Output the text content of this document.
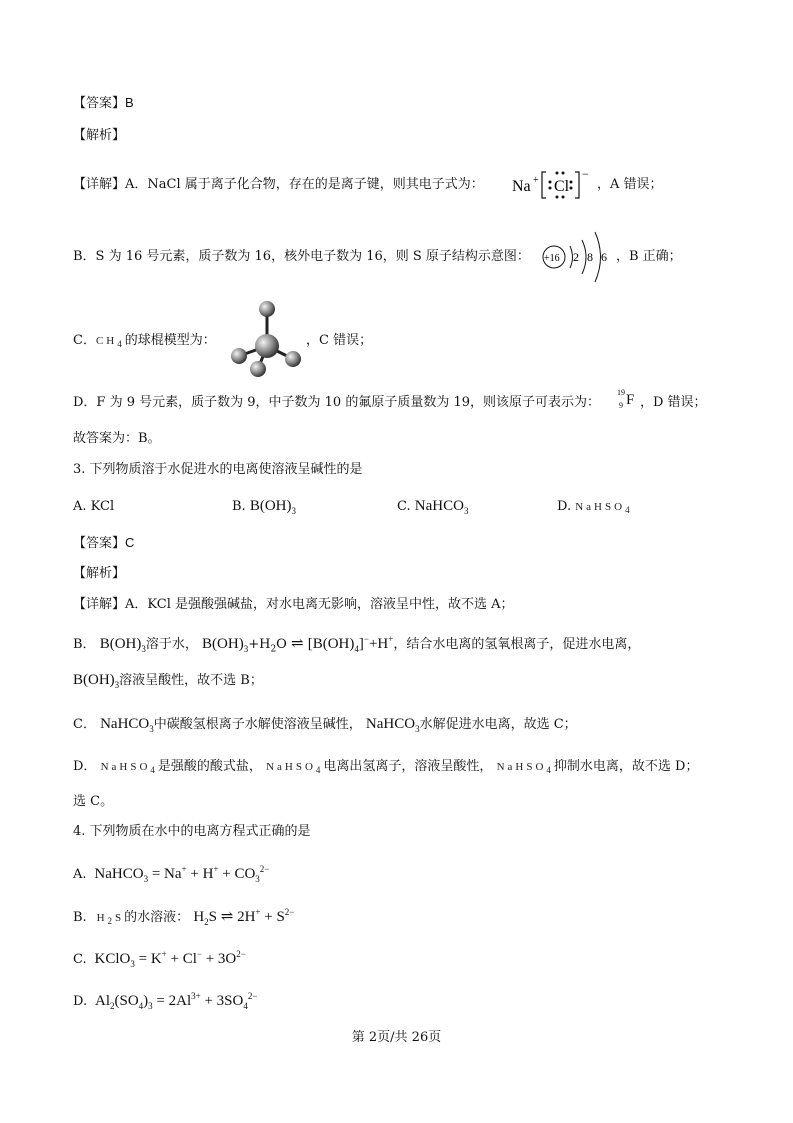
【答案】B
【解析】
【详解】A．NaCl 属于离子化合物，存在的是离子键，则其电子式为： Na + Cl
−
，A 错误；
B．S 为 16 号元素，质子数为 16，核外电子数为 16，则 S 原子结构示意图： +16 2 8 6 ，B 正确；
C．$CH_4$的球棍模型为：	，C 错误；
D．F 为 9 号元素，质子数为 9，中子数为 10 的氟原子质量数为 19，则该原子可表示为：
19
9 F ，D 错误；
故答案为：B。
3. 下列物质溶于水促进水的电离使溶液呈碱性的是
A. KCl	B. $B(OH)_3$	C. NaHCO$_3$	D. NaHSO$_4$
【答案】C
【解析】
【详解】A．KCl 是强酸强碱盐，对水电离无影响，溶液呈中性，故不选 A；
B． $B(OH)_3$溶于水， $B(OH)_3+H_2O$ ⇌ $[B(OH)_4]^-+H^+$，结合水电离的氢氧根离子，促进水电离，
$B(OH)_3$溶液呈酸性，故不选 B；
C． NaHCO$_3$中碳酸氢根离子水解使溶液呈碱性， NaHCO$_3$水解促进水电离，故选 C；
D． NaHSO$_4$是强酸的酸式盐， NaHSO$_4$电离出氢离子，溶液呈酸性， NaHSO$_4$抑制水电离，故不选 D；
选 C。
4. 下列物质在水中的电离方程式正确的是
A.  NaHCO$_3$ = $Na^+ + H^+ + CO_3^{2-}$
B.  $H_2S$的水溶液： $H_2S$ ⇌ $2H^+ + S^{2-}$
C.  KClO$_3$ = $K^+ + Cl^- + 3O^{2-}$
D.  $Al_2(SO_4)_3 = 2Al^{3+} + 3SO_4^{2-}$
第 2页/共 26页
